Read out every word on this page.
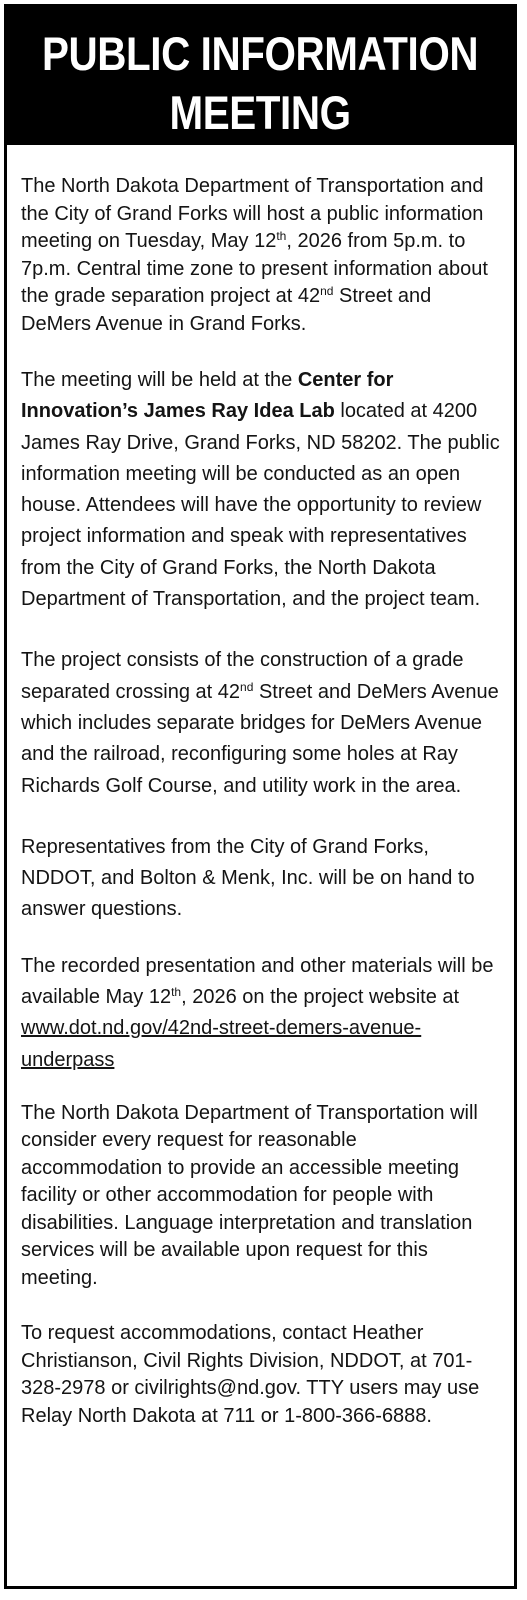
PUBLIC INFORMATION
MEETING

The North Dakota Department of Transportation and the City of Grand Forks will host a public information meeting on Tuesday, May 12th, 2026 from 5p.m. to 7p.m. Central time zone to present information about the grade separation project at 42nd Street and DeMers Avenue in Grand Forks.

The meeting will be held at the Center for Innovation’s James Ray Idea Lab located at 4200 James Ray Drive, Grand Forks, ND 58202. The public information meeting will be conducted as an open house. Attendees will have the opportunity to review project information and speak with representatives from the City of Grand Forks, the North Dakota Department of Transportation, and the project team.

The project consists of the construction of a grade separated crossing at 42nd Street and DeMers Avenue which includes separate bridges for DeMers Avenue and the railroad, reconfiguring some holes at Ray Richards Golf Course, and utility work in the area.

Representatives from the City of Grand Forks, NDDOT, and Bolton & Menk, Inc. will be on hand to answer questions.

The recorded presentation and other materials will be available May 12th, 2026 on the project website at www.dot.nd.gov/42nd-street-demers-avenue-underpass

The North Dakota Department of Transportation will consider every request for reasonable accommodation to provide an accessible meeting facility or other accommodation for people with disabilities. Language interpretation and translation services will be available upon request for this meeting.

To request accommodations, contact Heather Christianson, Civil Rights Division, NDDOT, at 701-328-2978 or civilrights@nd.gov. TTY users may use Relay North Dakota at 711 or 1-800-366-6888.
